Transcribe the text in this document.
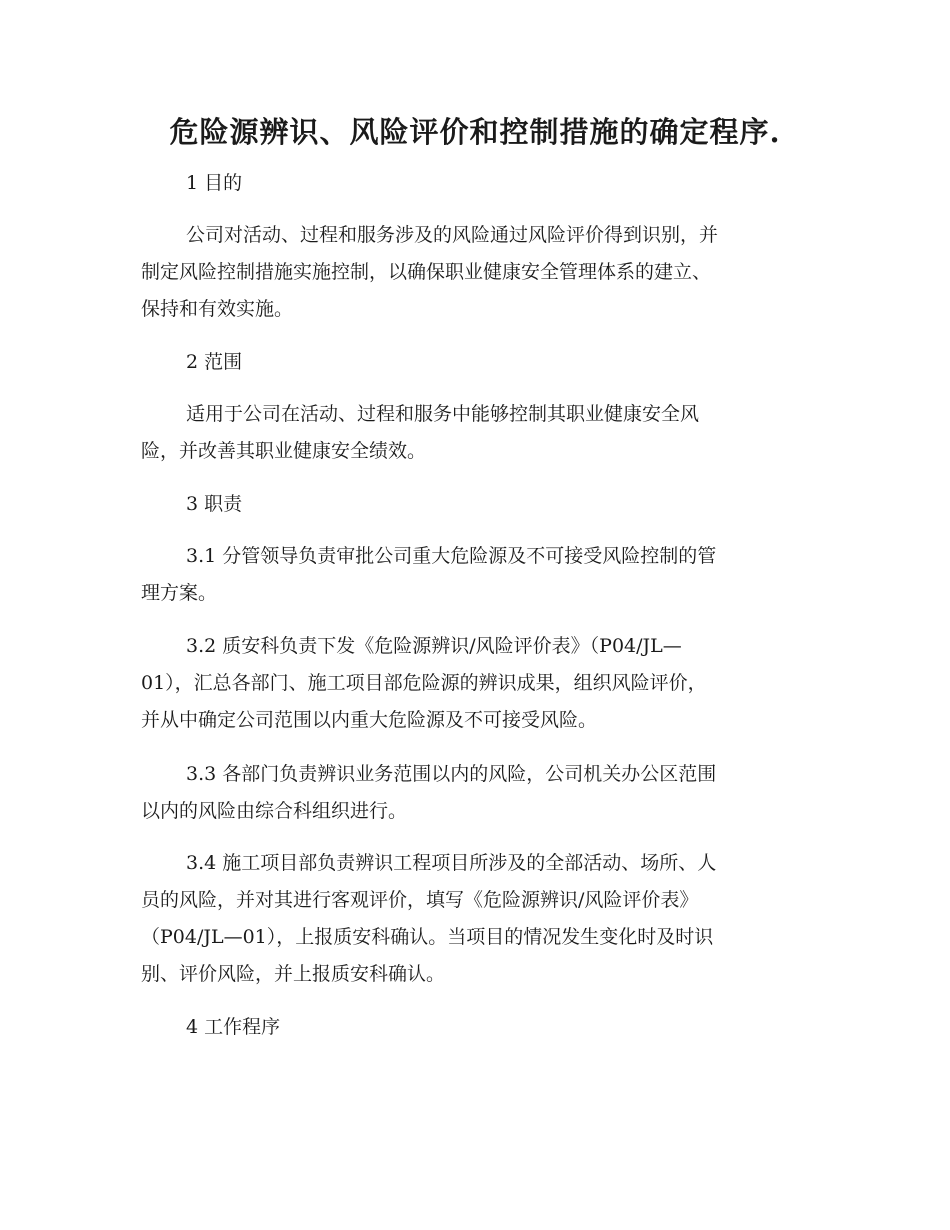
危险源辨识、风险评价和控制措施的确定程序.
1 目的
公司对活动、过程和服务涉及的风险通过风险评价得到识别，并
制定风险控制措施实施控制，以确保职业健康安全管理体系的建立、
保持和有效实施。
2 范围
适用于公司在活动、过程和服务中能够控制其职业健康安全风
险，并改善其职业健康安全绩效。
3 职责
3.1 分管领导负责审批公司重大危险源及不可接受风险控制的管
理方案。
3.2 质安科负责下发《危险源辨识/风险评价表》（P04/JL—
01），汇总各部门、施工项目部危险源的辨识成果，组织风险评价，
并从中确定公司范围以内重大危险源及不可接受风险。
3.3 各部门负责辨识业务范围以内的风险，公司机关办公区范围
以内的风险由综合科组织进行。
3.4 施工项目部负责辨识工程项目所涉及的全部活动、场所、人
员的风险，并对其进行客观评价，填写《危险源辨识/风险评价表》
（P04/JL—01），上报质安科确认。当项目的情况发生变化时及时识
别、评价风险，并上报质安科确认。
4 工作程序
